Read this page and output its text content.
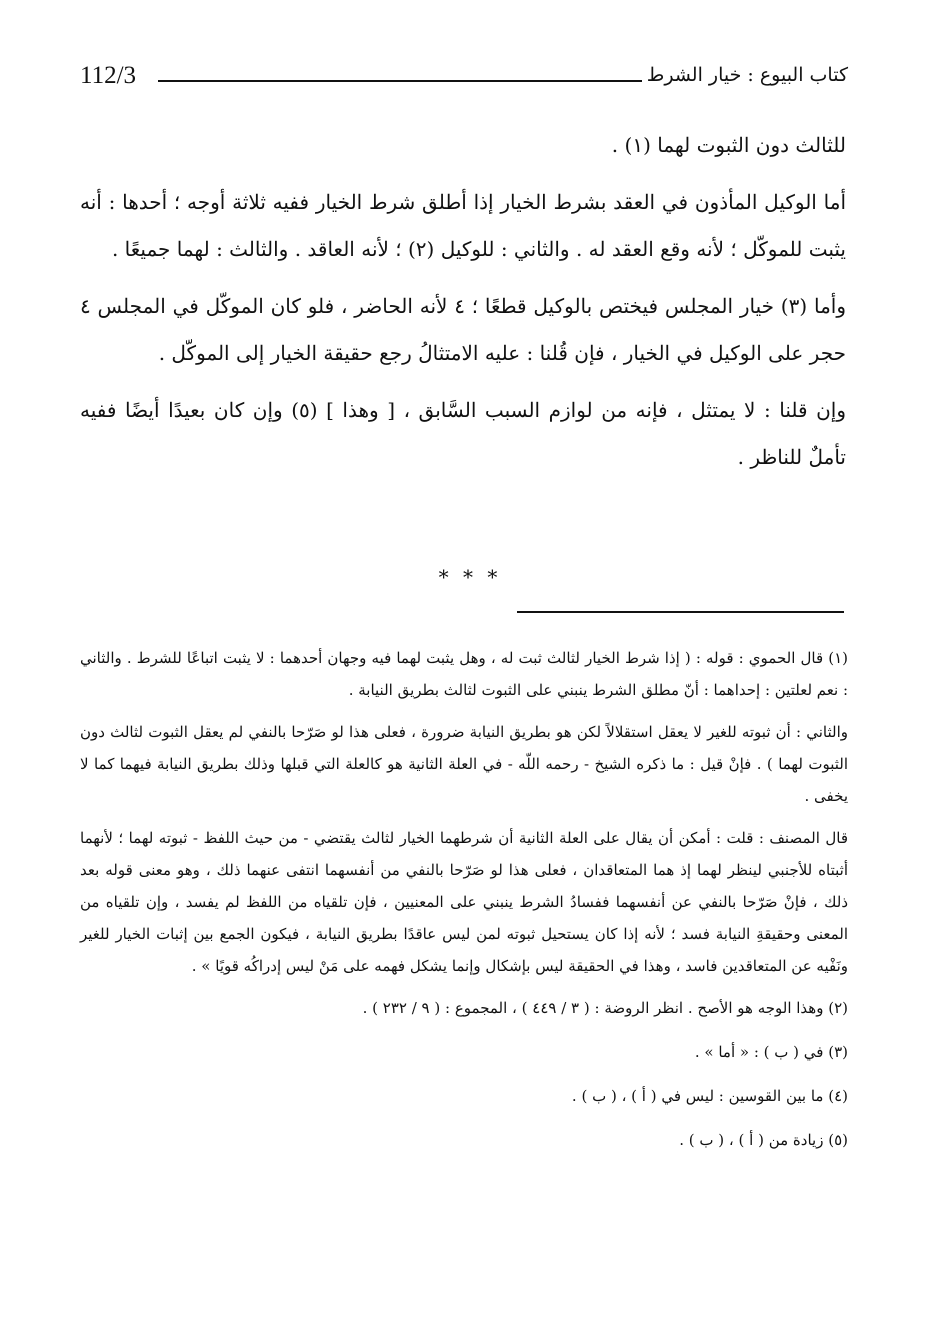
112/3	كتاب البيوع : خيار الشرط

للثالث دون الثبوت لهما (١) .

أما الوكيل المأذون في العقد بشرط الخيار إذا أطلق شرط الخيار ففيه ثلاثة أوجه ؛ أحدها : أنه يثبت للموكّل ؛ لأنه وقع العقد له . والثاني : للوكيل (٢) ؛ لأنه العاقد . والثالث : لهما جميعًا .

وأما (٣) خيار المجلس فيختص بالوكيل قطعًا ؛ ٤ لأنه الحاضر ، فلو كان الموكّل في المجلس ٤ حجر على الوكيل في الخيار ، فإن قُلنا : عليه الامتثالُ رجع حقيقة الخيار إلى الموكّل .

وإن قلنا : لا يمتثل ، فإنه من لوازم السبب السَّابق ، [ وهذا ] (٥) وإن كان بعيدًا أيضًا ففيه تأملٌ للناظر .

* * *

(١) قال الحموي : قوله : ( إذا شرط الخيار لثالث ثبت له ، وهل يثبت لهما فيه وجهان أحدهما : لا يثبت اتباعًا للشرط . والثاني : نعم لعلتين : إحداهما : أنّ مطلق الشرط ينبني على الثبوت لثالث بطريق النيابة .

والثاني : أن ثبوته للغير لا يعقل استقلالاً لكن هو بطريق النيابة ضرورة ، فعلى هذا لو صَرّحا بالنفي لم يعقل الثبوت لثالث دون الثبوت لهما ) . فإنْ قيل : ما ذكره الشيخ - رحمه اللّه - في العلة الثانية هو كالعلة التي قبلها وذلك بطريق النيابة فيهما كما لا يخفى .

قال المصنف : قلت : أمكن أن يقال على العلة الثانية أن شرطهما الخيار لثالث يقتضي - من حيث اللفظ - ثبوته لهما ؛ لأنهما أثبتاه للأجنبي لينظر لهما إذ هما المتعاقدان ، فعلى هذا لو صَرّحا بالنفي من أنفسهما انتفى عنهما ذلك ، وهو معنى قوله بعد ذلك ، فإنْ صَرّحا بالنفي عن أنفسهما ففسادُ الشرط ينبني على المعنيين ، فإن تلقياه من اللفظ لم يفسد ، وإن تلقياه من المعنى وحقيقةِ النيابة فسد ؛ لأنه إذا كان يستحيل ثبوته لمن ليس عاقدًا بطريق النيابة ، فيكون الجمع بين إثبات الخيار للغير ونَفْيه عن المتعاقدين فاسد ، وهذا في الحقيقة ليس بإشكال وإنما يشكل فهمه على مَنْ ليس إدراكُه قويًا » .

(٢) وهذا الوجه هو الأصح . انظر الروضة : ( ٣ / ٤٤٩ ) ، المجموع : ( ٩ / ٢٣٢ ) .

(٣) في ( ب ) : « أما » .

(٤) ما بين القوسين : ليس في ( أ ) ، ( ب ) .

(٥) زيادة من ( أ ) ، ( ب ) .
